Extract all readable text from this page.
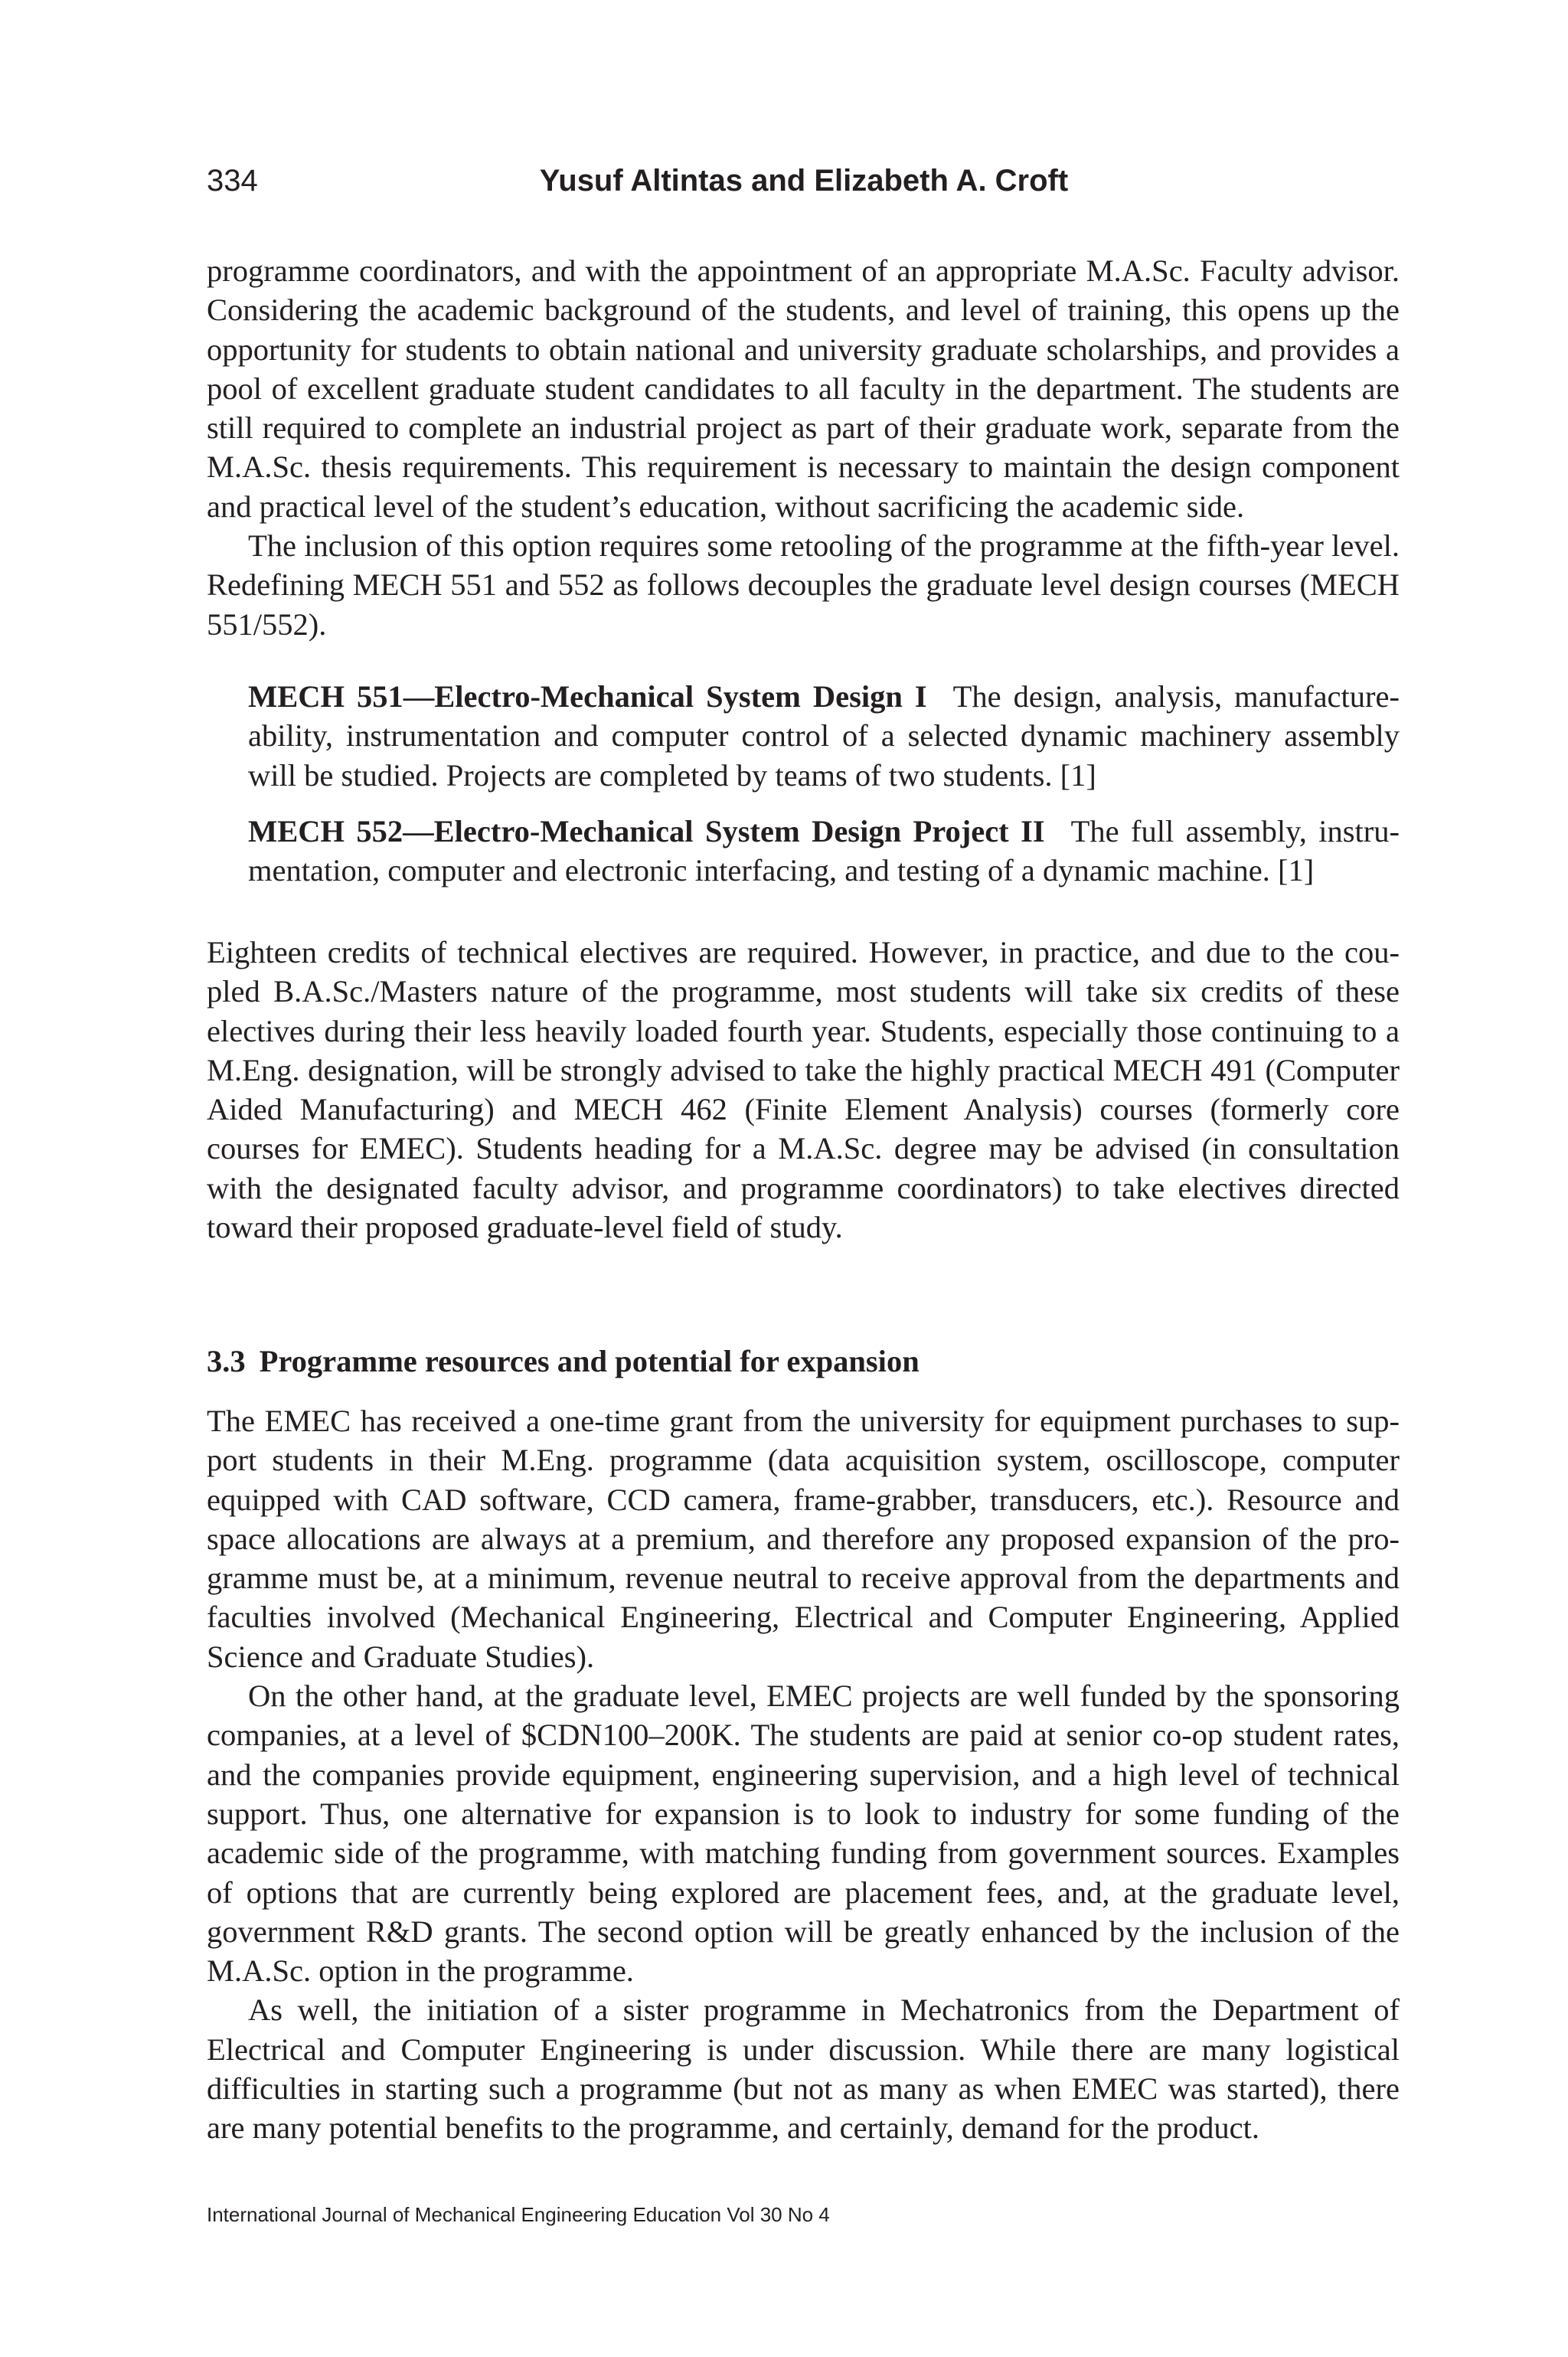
334	Yusuf Altintas and Elizabeth A. Croft

programme coordinators, and with the appointment of an appropriate M.A.Sc. Faculty advisor. Considering the academic background of the students, and level of training, this opens up the opportunity for students to obtain national and university graduate scholarships, and provides a pool of excellent graduate student candidates to all faculty in the department. The students are still required to complete an industrial project as part of their graduate work, separate from the M.A.Sc. thesis requirements. This requirement is necessary to maintain the design component and practical level of the student’s education, without sacrificing the academic side.

The inclusion of this option requires some retooling of the programme at the fifth-year level. Redefining MECH 551 and 552 as follows decouples the graduate level design courses (MECH 551/552).

MECH 551—Electro-Mechanical System Design I The design, analysis, manufactureability, instrumentation and computer control of a selected dynamic machinery assembly will be studied. Projects are completed by teams of two students. [1]
MECH 552—Electro-Mechanical System Design Project II The full assembly, instrumentation, computer and electronic interfacing, and testing of a dynamic machine. [1]

Eighteen credits of technical electives are required. However, in practice, and due to the coupled B.A.Sc./Masters nature of the programme, most students will take six credits of these electives during their less heavily loaded fourth year. Students, especially those continuing to a M.Eng. designation, will be strongly advised to take the highly practical MECH 491 (Computer Aided Manufacturing) and MECH 462 (Finite Element Analysis) courses (formerly core courses for EMEC). Students heading for a M.A.Sc. degree may be advised (in consultation with the designated faculty advisor, and programme coordinators) to take electives directed toward their proposed graduate-level field of study.

3.3 Programme resources and potential for expansion

The EMEC has received a one-time grant from the university for equipment purchases to support students in their M.Eng. programme (data acquisition system, oscilloscope, computer equipped with CAD software, CCD camera, frame-grabber, transducers, etc.). Resource and space allocations are always at a premium, and therefore any proposed expansion of the programme must be, at a minimum, revenue neutral to receive approval from the departments and faculties involved (Mechanical Engineering, Electrical and Computer Engineering, Applied Science and Graduate Studies).

On the other hand, at the graduate level, EMEC projects are well funded by the sponsoring companies, at a level of $CDN100–200K. The students are paid at senior co-op student rates, and the companies provide equipment, engineering supervision, and a high level of technical support. Thus, one alternative for expansion is to look to industry for some funding of the academic side of the programme, with matching funding from government sources. Examples of options that are currently being explored are placement fees, and, at the graduate level, government R&D grants. The second option will be greatly enhanced by the inclusion of the M.A.Sc. option in the programme.

As well, the initiation of a sister programme in Mechatronics from the Department of Electrical and Computer Engineering is under discussion. While there are many logistical difficulties in starting such a programme (but not as many as when EMEC was started), there are many potential benefits to the programme, and certainly, demand for the product.

International Journal of Mechanical Engineering Education Vol 30 No 4
